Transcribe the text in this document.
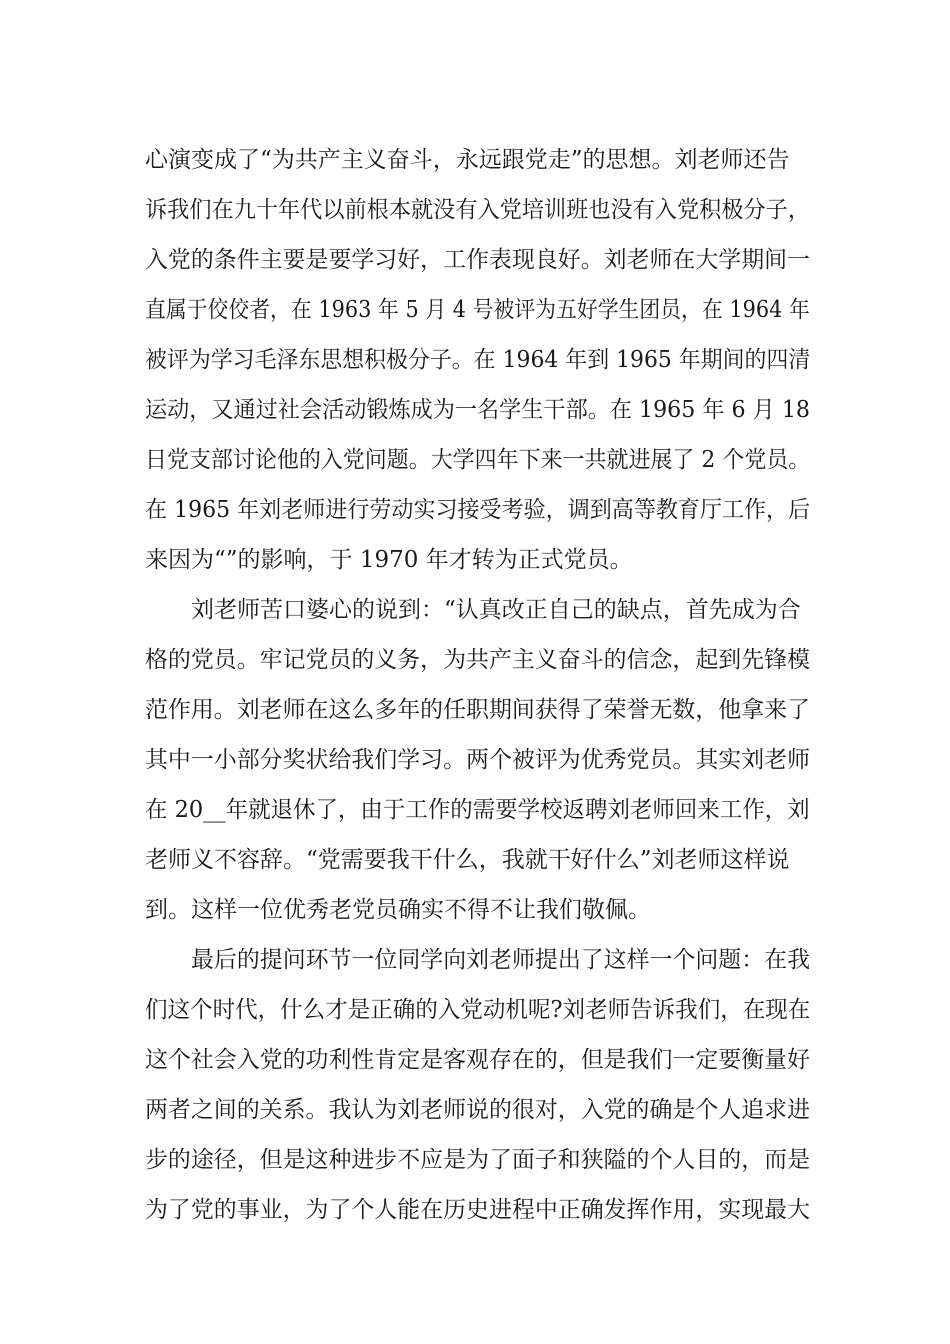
心演变成了“为共产主义奋斗，永远跟党走”的思想。刘老师还告
诉我们在九十年代以前根本就没有入党培训班也没有入党积极分子，
入党的条件主要是要学习好，工作表现良好。刘老师在大学期间一
直属于佼佼者，在 1963 年 5 月 4 号被评为五好学生团员，在 1964 年
被评为学习毛泽东思想积极分子。在 1964 年到 1965 年期间的四清
运动，又通过社会活动锻炼成为一名学生干部。在 1965 年 6 月 18
日党支部讨论他的入党问题。大学四年下来一共就进展了 2 个党员。
在 1965 年刘老师进行劳动实习接受考验，调到高等教育厅工作，后
来因为“”的影响，于 1970 年才转为正式党员。
刘老师苦口婆心的说到：“认真改正自己的缺点，首先成为合
格的党员。牢记党员的义务，为共产主义奋斗的信念，起到先锋模
范作用。刘老师在这么多年的任职期间获得了荣誉无数，他拿来了
其中一小部分奖状给我们学习。两个被评为优秀党员。其实刘老师
在 20__年就退休了，由于工作的需要学校返聘刘老师回来工作，刘
老师义不容辞。“党需要我干什么，我就干好什么”刘老师这样说
到。这样一位优秀老党员确实不得不让我们敬佩。
最后的提问环节一位同学向刘老师提出了这样一个问题：在我
们这个时代，什么才是正确的入党动机呢?刘老师告诉我们，在现在
这个社会入党的功利性肯定是客观存在的，但是我们一定要衡量好
两者之间的关系。我认为刘老师说的很对，入党的确是个人追求进
步的途径，但是这种进步不应是为了面子和狭隘的个人目的，而是
为了党的事业，为了个人能在历史进程中正确发挥作用，实现最大
